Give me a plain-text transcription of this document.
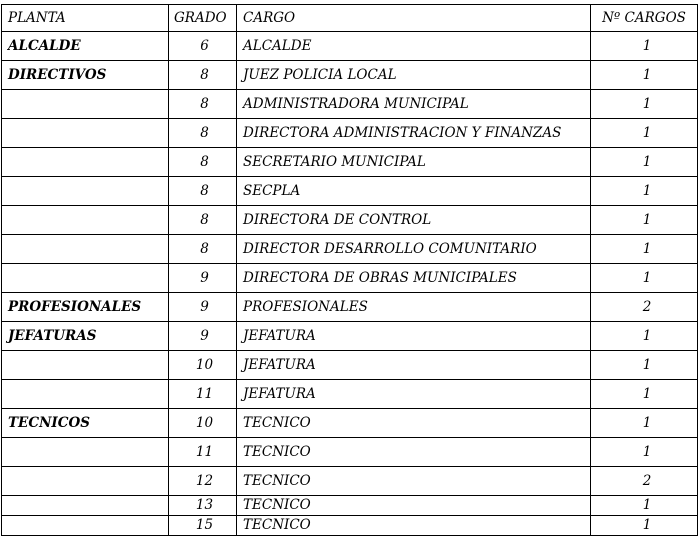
PLANTA	GRADO	CARGO	Nº CARGOS
ALCALDE	6	ALCALDE	1
DIRECTIVOS	8	JUEZ POLICIA LOCAL	1
	8	ADMINISTRADORA MUNICIPAL	1
	8	DIRECTORA ADMINISTRACION Y FINANZAS	1
	8	SECRETARIO MUNICIPAL	1
	8	SECPLA	1
	8	DIRECTORA DE CONTROL	1
	8	DIRECTOR DESARROLLO COMUNITARIO	1
	9	DIRECTORA DE OBRAS MUNICIPALES	1
PROFESIONALES	9	PROFESIONALES	2
JEFATURAS	9	JEFATURA	1
	10	JEFATURA	1
	11	JEFATURA	1
TECNICOS	10	TECNICO	1
	11	TECNICO	1
	12	TECNICO	2
	13	TECNICO	1
	15	TECNICO	1
